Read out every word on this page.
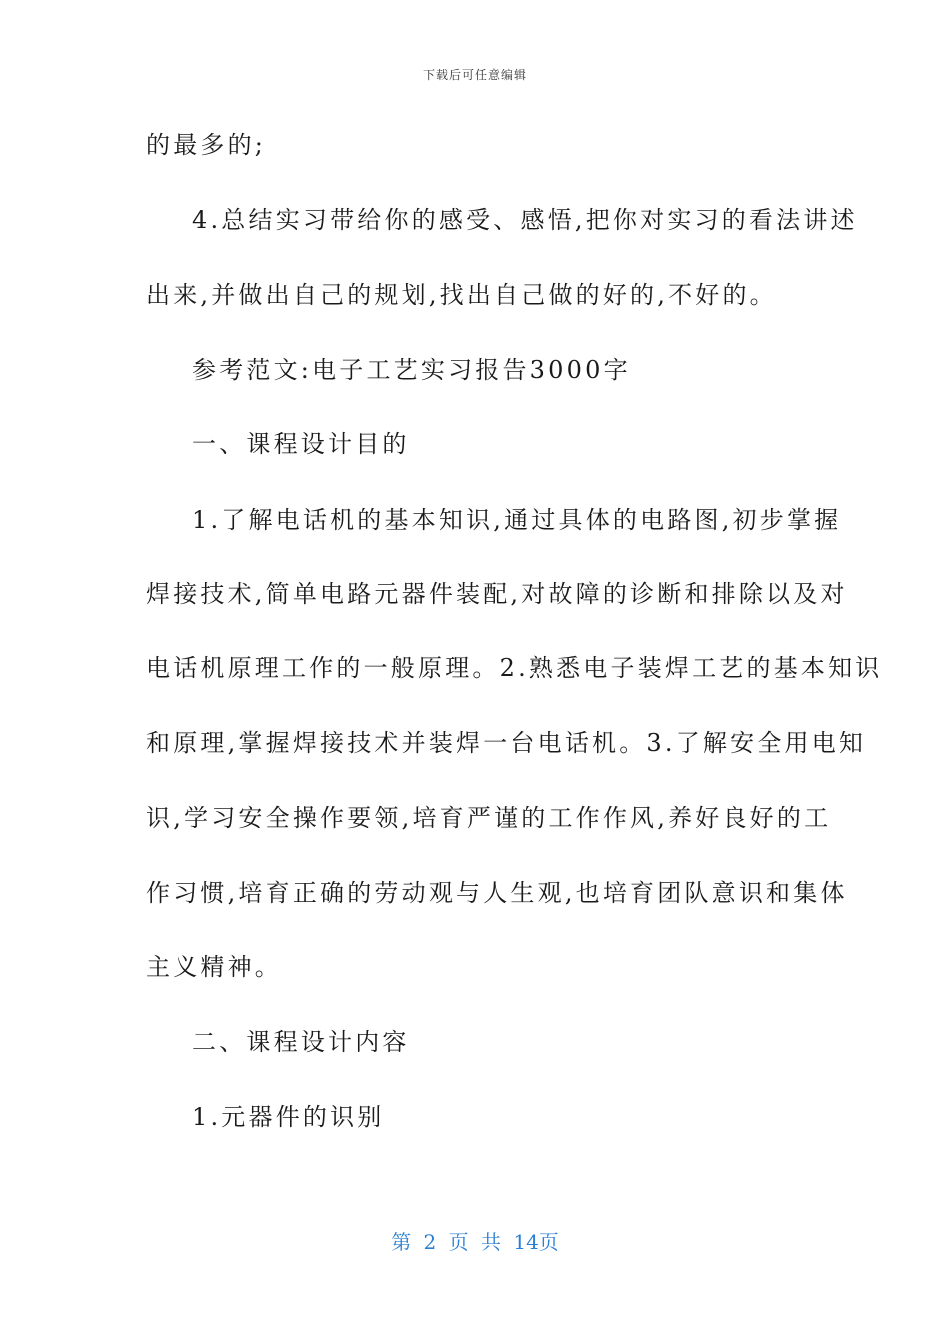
下载后可任意编辑
的最多的;
4.总结实习带给你的感受、感悟,把你对实习的看法讲述
出来,并做出自己的规划,找出自己做的好的,不好的。
参考范文:电子工艺实习报告3000字
一、课程设计目的
1.了解电话机的基本知识,通过具体的电路图,初步掌握
焊接技术,简单电路元器件装配,对故障的诊断和排除以及对
电话机原理工作的一般原理。2.熟悉电子装焊工艺的基本知识
和原理,掌握焊接技术并装焊一台电话机。3.了解安全用电知
识,学习安全操作要领,培育严谨的工作作风,养好良好的工
作习惯,培育正确的劳动观与人生观,也培育团队意识和集体
主义精神。
二、课程设计内容
1.元器件的识别
第 2 页 共 14页
